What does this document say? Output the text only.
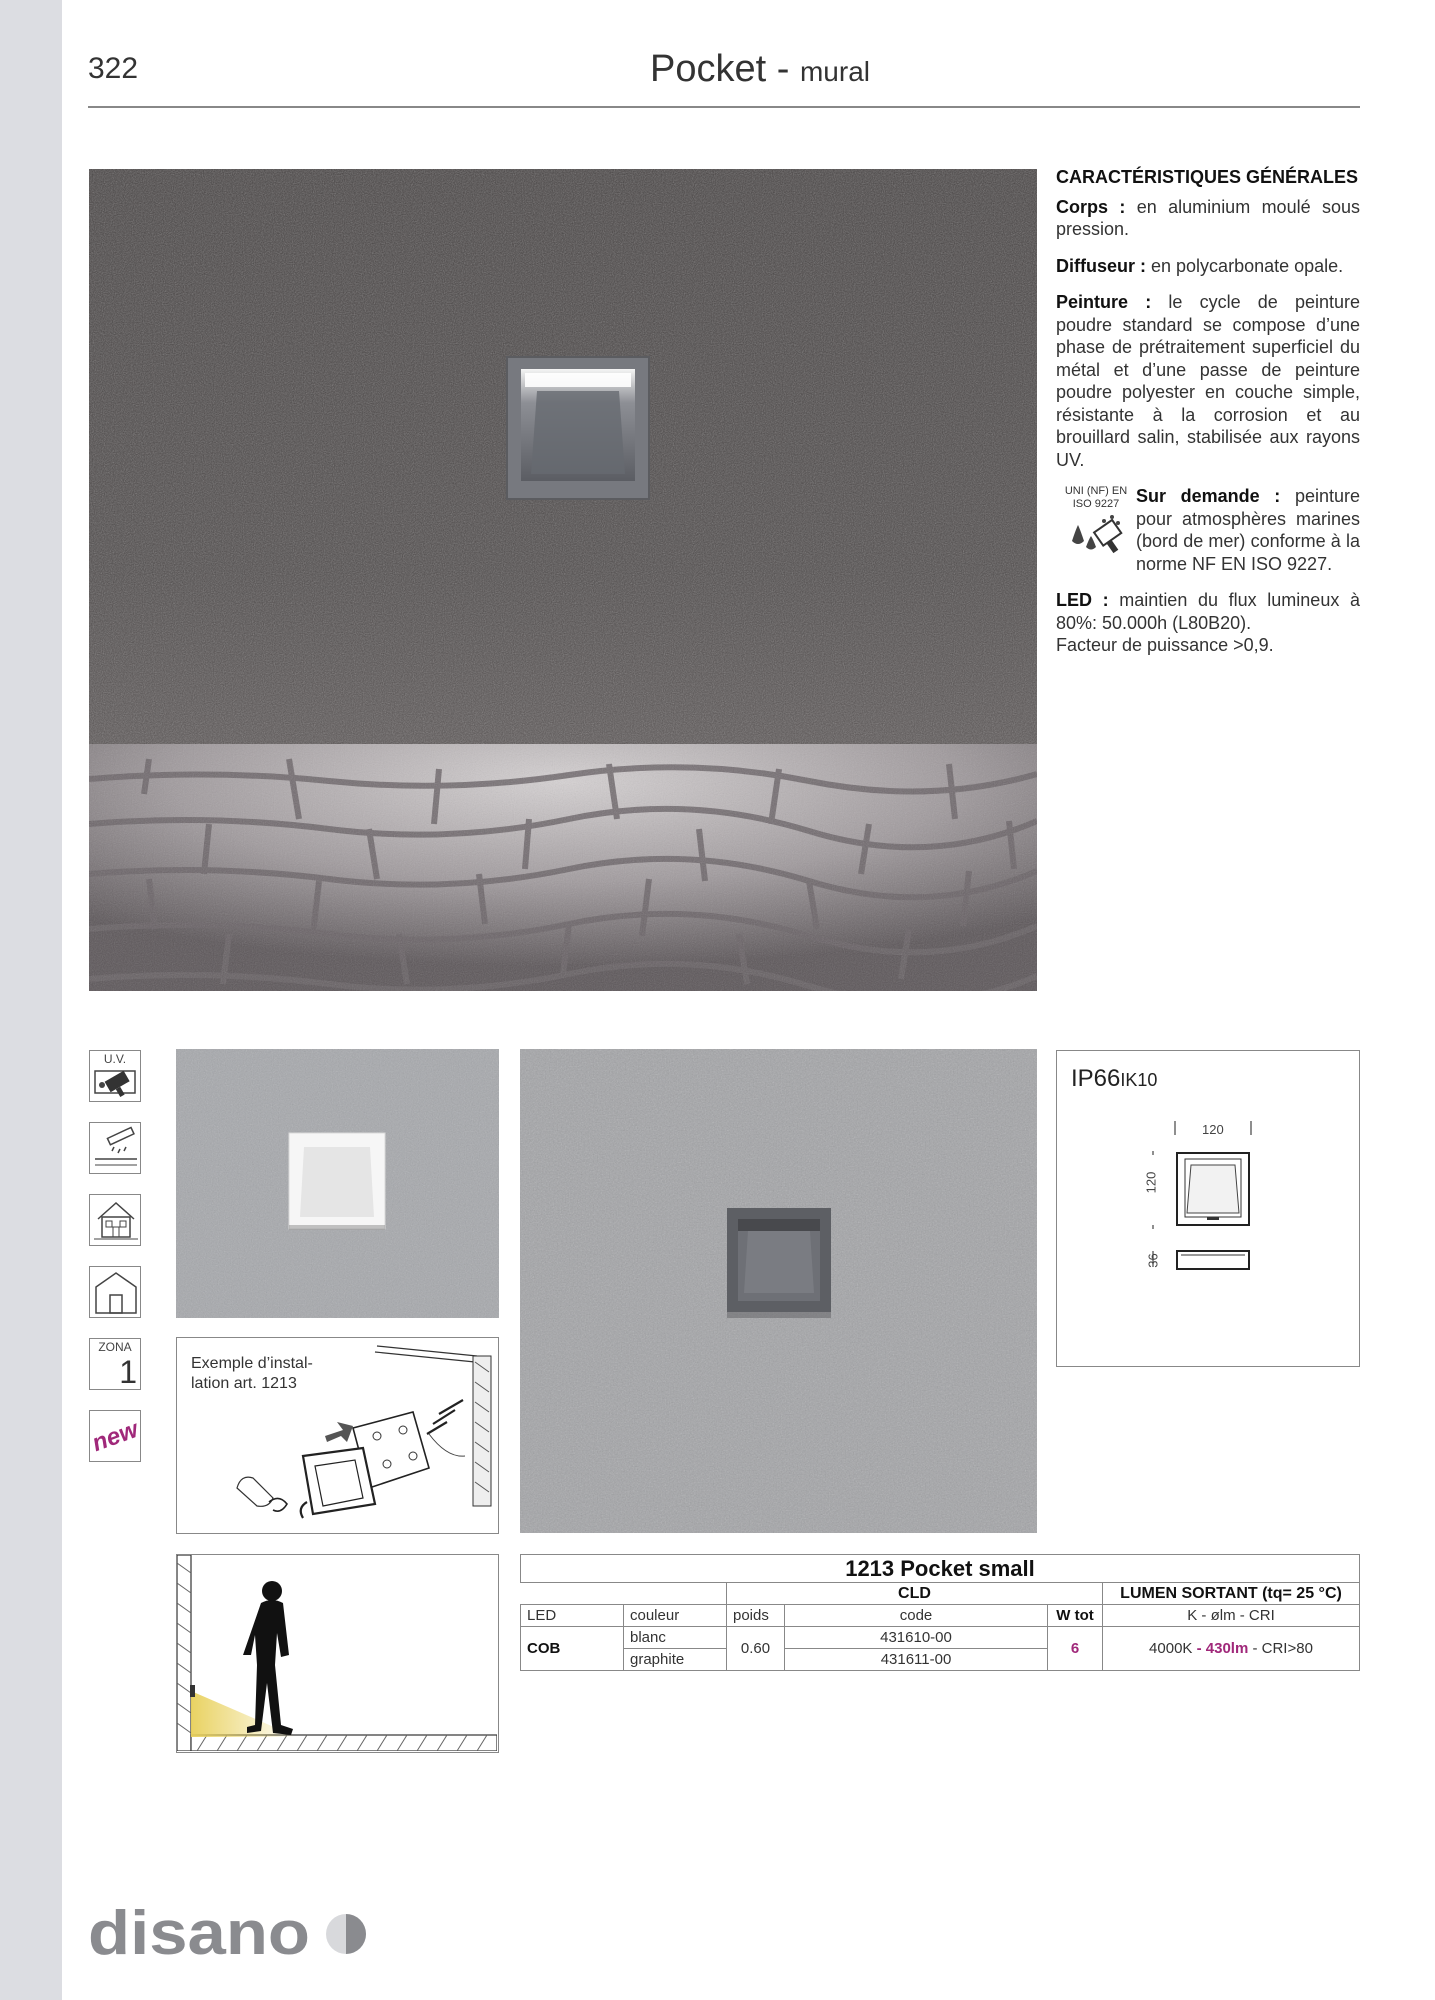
322	Pocket - mural
CARACTÉRISTIQUES GÉNÉRALES

Corps : en aluminium moulé sous pression.

Diffuseur : en polycarbonate opale.

Peinture : le cycle de peinture poudre standard se compose d’une phase de prétraitement superficiel du métal et d’une passe de peinture poudre polyester en couche simple, résistante à la corrosion et au brouillard salin, stabilisée aux rayons UV.

UNI (NF) EN
ISO 9227 Sur demande : peinture pour atmosphères marines (bord de mer) conforme à la norme NF EN ISO 9227.

LED : maintien du flux lumineux à 80%: 50.000h (L80B20).
Facteur de puissance >0,9.

U.V.
ZONA
1
new
Exemple d’instal-lation art. 1213
IP66IK10
120
120
36
1213 Pocket small					
		CLD			LUMEN SORTANT (tq= 25 °C)
LED	couleur	poids	code	W tot	K - ølm - CRI
COB	blanc	0.60	431610-00	6	4000K - 430lm - CRI>80
	graphite		431611-00		
disano
